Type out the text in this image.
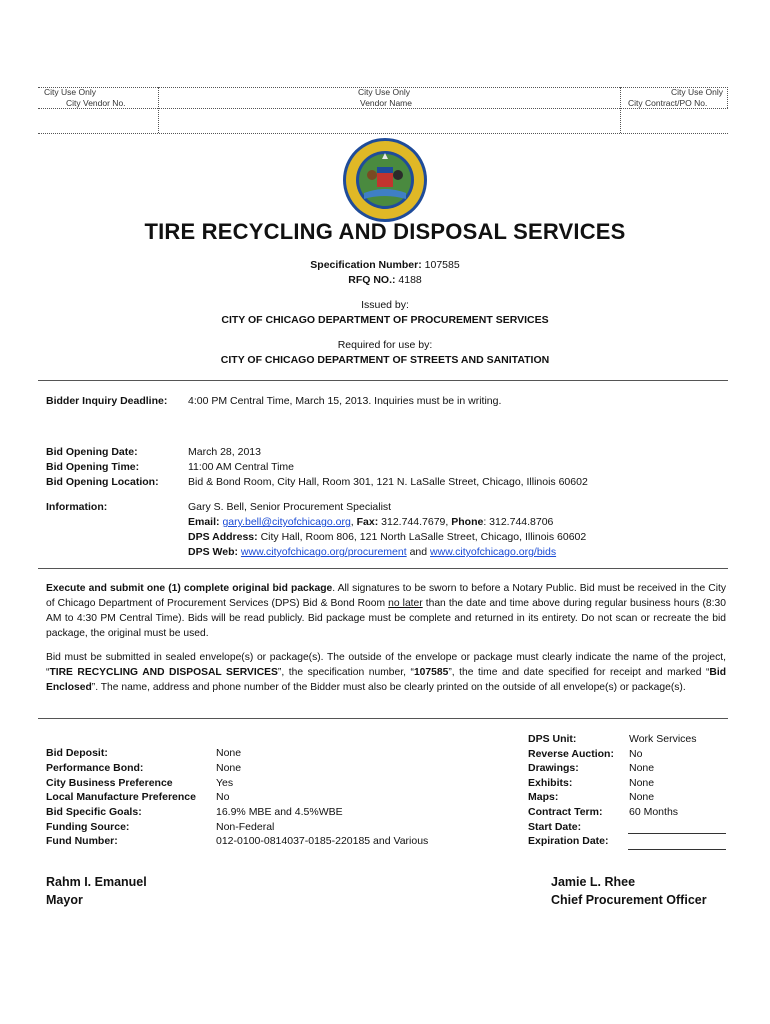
City Use Only
City Vendor No.
City Use Only
Vendor Name
City Use Only
City Contract/PO No.
TIRE RECYCLING AND DISPOSAL SERVICES
Specification Number: 107585
RFQ NO.: 4188
Issued by:
CITY OF CHICAGO DEPARTMENT OF PROCUREMENT SERVICES
Required for use by:
CITY OF CHICAGO DEPARTMENT OF STREETS AND SANITATION
Bidder Inquiry Deadline: 4:00 PM Central Time, March 15, 2013. Inquiries must be in writing.
Bid Opening Date:	March 28, 2013
Bid Opening Time:	11:00 AM Central Time
Bid Opening Location:	Bid & Bond Room, City Hall, Room 301, 121 N. LaSalle Street, Chicago, Illinois 60602
Information:	Gary S. Bell, Senior Procurement Specialist
Email: gary.bell@cityofchicago.org, Fax: 312.744.7679, Phone: 312.744.8706
DPS Address: City Hall, Room 806, 121 North LaSalle Street, Chicago, Illinois 60602
DPS Web: www.cityofchicago.org/procurement and www.cityofchicago.org/bids
Execute and submit one (1) complete original bid package. All signatures to be sworn to before a Notary Public. Bid must be received in the City of Chicago Department of Procurement Services (DPS) Bid & Bond Room no later than the date and time above during regular business hours (8:30 AM to 4:30 PM Central Time). Bids will be read publicly. Bid package must be complete and returned in its entirety. Do not scan or recreate the bid package, the original must be used.
Bid must be submitted in sealed envelope(s) or package(s). The outside of the envelope or package must clearly indicate the name of the project, “TIRE RECYCLING AND DISPOSAL SERVICES”, the specification number, “107585”, the time and date specified for receipt and marked “Bid Enclosed”. The name, address and phone number of the Bidder must also be clearly printed on the outside of all envelope(s) or package(s).
Bid Deposit:	None
Performance Bond:	None
City Business Preference	Yes
Local Manufacture Preference No
Bid Specific Goals:	16.9% MBE and 4.5%WBE
Funding Source:	Non-Federal
Fund Number:	012-0100-0814037-0185-220185 and Various
DPS Unit:	Work Services
Reverse Auction: No
Drawings:	None
Exhibits:	None
Maps:	None
Contract Term:	60 Months
Start Date:
Expiration Date:
Rahm I. Emanuel
Mayor
Jamie L. Rhee
Chief Procurement Officer
